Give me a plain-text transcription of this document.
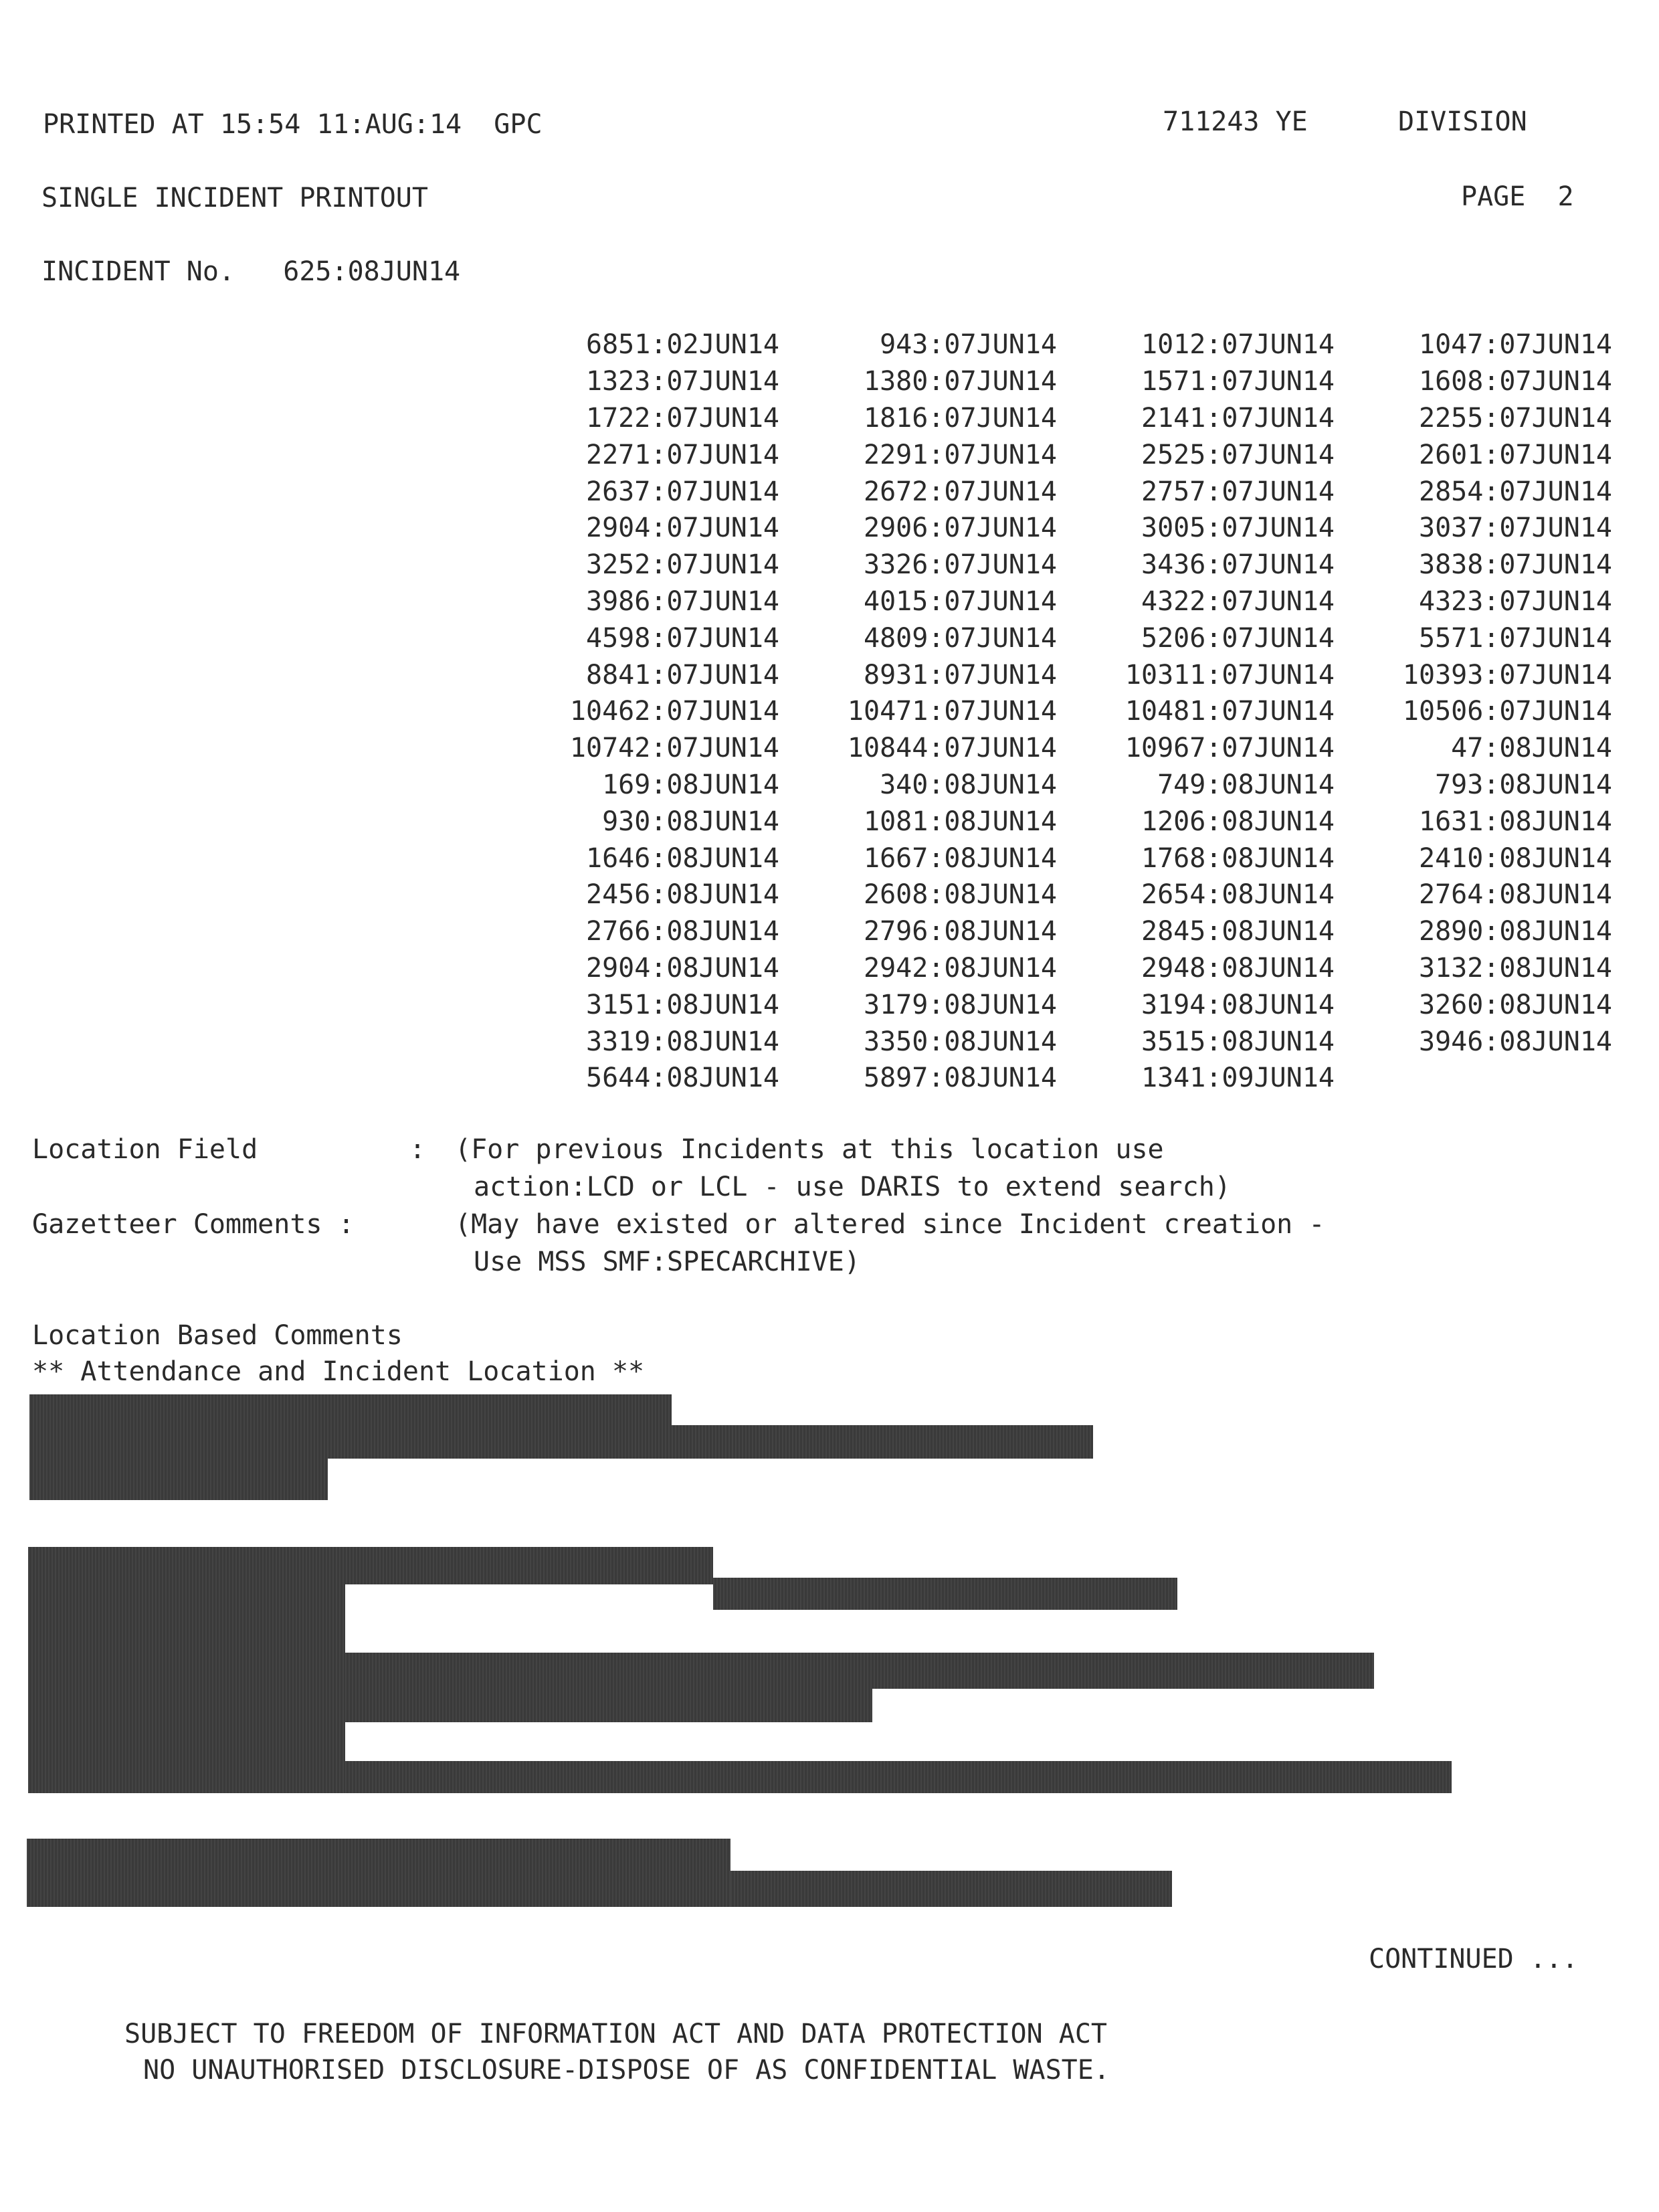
PRINTED AT 15:54 11:AUG:14  GPC	711243 YE	DIVISION
SINGLE INCIDENT PRINTOUT	PAGE  2
INCIDENT No. 625:08JUN14
6851:02JUN14	943:07JUN14	1012:07JUN14	1047:07JUN14
1323:07JUN14	1380:07JUN14	1571:07JUN14	1608:07JUN14
1722:07JUN14	1816:07JUN14	2141:07JUN14	2255:07JUN14
2271:07JUN14	2291:07JUN14	2525:07JUN14	2601:07JUN14
2637:07JUN14	2672:07JUN14	2757:07JUN14	2854:07JUN14
2904:07JUN14	2906:07JUN14	3005:07JUN14	3037:07JUN14
3252:07JUN14	3326:07JUN14	3436:07JUN14	3838:07JUN14
3986:07JUN14	4015:07JUN14	4322:07JUN14	4323:07JUN14
4598:07JUN14	4809:07JUN14	5206:07JUN14	5571:07JUN14
8841:07JUN14	8931:07JUN14	10311:07JUN14	10393:07JUN14
10462:07JUN14	10471:07JUN14	10481:07JUN14	10506:07JUN14
10742:07JUN14	10844:07JUN14	10967:07JUN14	47:08JUN14
169:08JUN14	340:08JUN14	749:08JUN14	793:08JUN14
930:08JUN14	1081:08JUN14	1206:08JUN14	1631:08JUN14
1646:08JUN14	1667:08JUN14	1768:08JUN14	2410:08JUN14
2456:08JUN14	2608:08JUN14	2654:08JUN14	2764:08JUN14
2766:08JUN14	2796:08JUN14	2845:08JUN14	2890:08JUN14
2904:08JUN14	2942:08JUN14	2948:08JUN14	3132:08JUN14
3151:08JUN14	3179:08JUN14	3194:08JUN14	3260:08JUN14
3319:08JUN14	3350:08JUN14	3515:08JUN14	3946:08JUN14
5644:08JUN14	5897:08JUN14	1341:09JUN14
Location Field	: (For previous Incidents at this location use
action:LCD or LCL - use DARIS to extend search)
Gazetteer Comments :	(May have existed or altered since Incident creation -
Use MSS SMF:SPECARCHIVE)
Location Based Comments
** Attendance and Incident Location **
CONTINUED ...
SUBJECT TO FREEDOM OF INFORMATION ACT AND DATA PROTECTION ACT
NO UNAUTHORISED DISCLOSURE-DISPOSE OF AS CONFIDENTIAL WASTE.
